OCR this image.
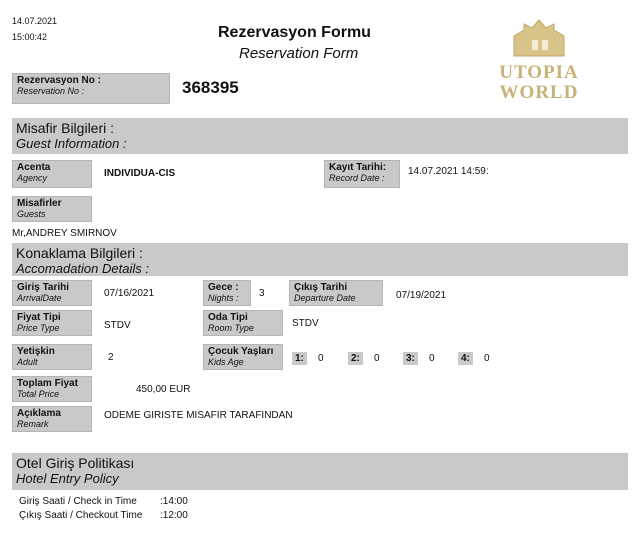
14.07.2021
15:00:42	Rezervasyon Formu
Reservation Form
UTOPIA
WORLD
Rezervasyon No :
Reservation No :	368395
Misafir Bilgileri :
Guest Information :
Acenta
Agency	INDIVIDUA-CIS
Kayıt Tarihi:
Record Date :
14.07.2021 14:59:
Misafirler
Guests
Mr,ANDREY SMIRNOV
Konaklama Bilgileri :
Accomadation Details :
Giriş Tarihi
ArrivalDate	07/16/2021
Gece :
Nights :	3
Çıkış Tarihi
Departure Date	07/19/2021
Fiyat Tipi
Price Type	STDV
Oda Tipi
Room Type	STDV
Yetişkin
Adult	2
Çocuk Yaşları
Kids Age	1:	0	2:	0	3:	0	4:	0
Toplam Fiyat
Total Price	450,00 EUR
Açıklama
Remark
ODEME GIRISTE MISAFIR TARAFINDAN
Otel Giriş Politikası
Hotel Entry Policy
Giriş Saati / Check in Time :14:00
Çıkış Saati / Checkout Time :12:00
